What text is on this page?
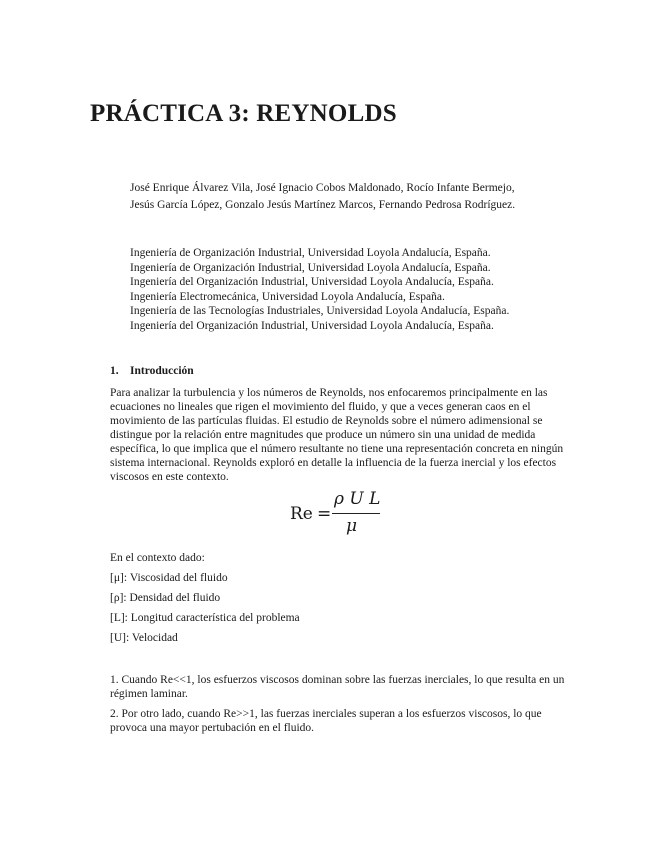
PRÁCTICA 3: REYNOLDS
José Enrique Álvarez Vila, José Ignacio Cobos Maldonado, Rocío Infante Bermejo, Jesús García López, Gonzalo Jesús Martínez Marcos, Fernando Pedrosa Rodríguez.
Ingeniería de Organización Industrial, Universidad Loyola Andalucía, España.
Ingeniería de Organización Industrial, Universidad Loyola Andalucía, España.
Ingeniería del Organización Industrial, Universidad Loyola Andalucía, España.
Ingeniería Electromecánica, Universidad Loyola Andalucía, España.
Ingeniería de las Tecnologías Industriales, Universidad Loyola Andalucía, España.
Ingeniería del Organización Industrial, Universidad Loyola Andalucía, España.
1. Introducción
Para analizar la turbulencia y los números de Reynolds, nos enfocaremos principalmente en las ecuaciones no lineales que rigen el movimiento del fluido, y que a veces generan caos en el movimiento de las partículas fluidas. El estudio de Reynolds sobre el número adimensional se distingue por la relación entre magnitudes que produce un número sin una unidad de medida específica, lo que implica que el número resultante no tiene una representación concreta en ningún sistema internacional. Reynolds exploró en detalle la influencia de la fuerza inercial y los efectos viscosos en este contexto.
Re =
ρ U L
μ
En el contexto dado:
[μ]: Viscosidad del fluido
[ρ]: Densidad del fluido
[L]: Longitud característica del problema
[U]: Velocidad
1. Cuando Re<<1, los esfuerzos viscosos dominan sobre las fuerzas inerciales, lo que resulta en un régimen laminar.
2. Por otro lado, cuando Re>>1, las fuerzas inerciales superan a los esfuerzos viscosos, lo que provoca una mayor pertubación en el fluido.
